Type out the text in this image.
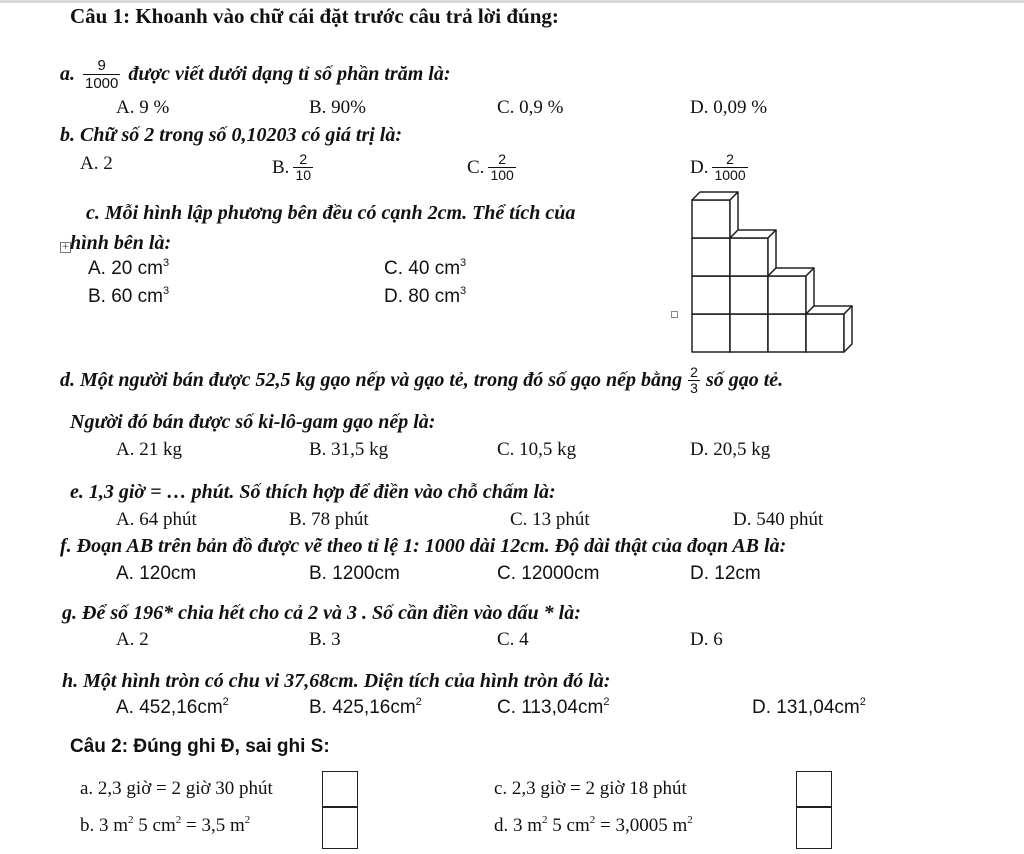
Câu 1: Khoanh vào chữ cái đặt trước câu trả lời đúng:
a. $\frac{9}{1000}$ được viết dưới dạng tỉ số phần trăm là:
A. 9 %	B. 90%	C. 0,9 %	D. 0,09 %
b. Chữ số 2 trong số 0,10203 có giá trị là:
A. 2	B. $\frac{2}{10}$	C. $\frac{2}{100}$	D. $\frac{2}{1000}$
c. Mỗi hình lập phương bên đều có cạnh 2cm. Thể tích của
+ hình bên là:
A. 20 $cm^3$	C. 40 $cm^3$
B. 60 $cm^3$	D. 80 $cm^3$
d. Một người bán được 52,5 kg gạo nếp và gạo tẻ, trong đó số gạo nếp bằng $\frac{2}{3}$ số gạo tẻ.
Người đó bán được số ki-lô-gam gạo nếp là:
A. 21 kg	B. 31,5 kg	C. 10,5 kg	D. 20,5 kg
e. 1,3 giờ = … phút. Số thích hợp để điền vào chỗ chấm là:
A. 64 phút	B. 78 phút	C. 13 phút	D. 540 phút
f. Đoạn AB trên bản đồ được vẽ theo tỉ lệ 1: 1000 dài 12cm. Độ dài thật của đoạn AB là:
A. 120cm	B. 1200cm	C. 12000cm	D. 12cm
g. Để số 196* chia hết cho cả 2 và 3 . Số cần điền vào dấu * là:
A. 2	B. 3	C. 4	D. 6
h. Một hình tròn có chu vi 37,68cm. Diện tích của hình tròn đó là:
A. $452,16cm^2$	B. $425,16cm^2$	C. $113,04cm^2$	D. $131,04cm^2$
Câu 2: Đúng ghi Đ, sai ghi S:
a. 2,3 giờ = 2 giờ 30 phút	c. 2,3 giờ = 2 giờ 18 phút
b. 3 $m^2$ 5 $cm^2 = 3,5$ $m^2$	d. 3 $m^2$ 5 $cm^2 = 3,0005$ $m^2$
